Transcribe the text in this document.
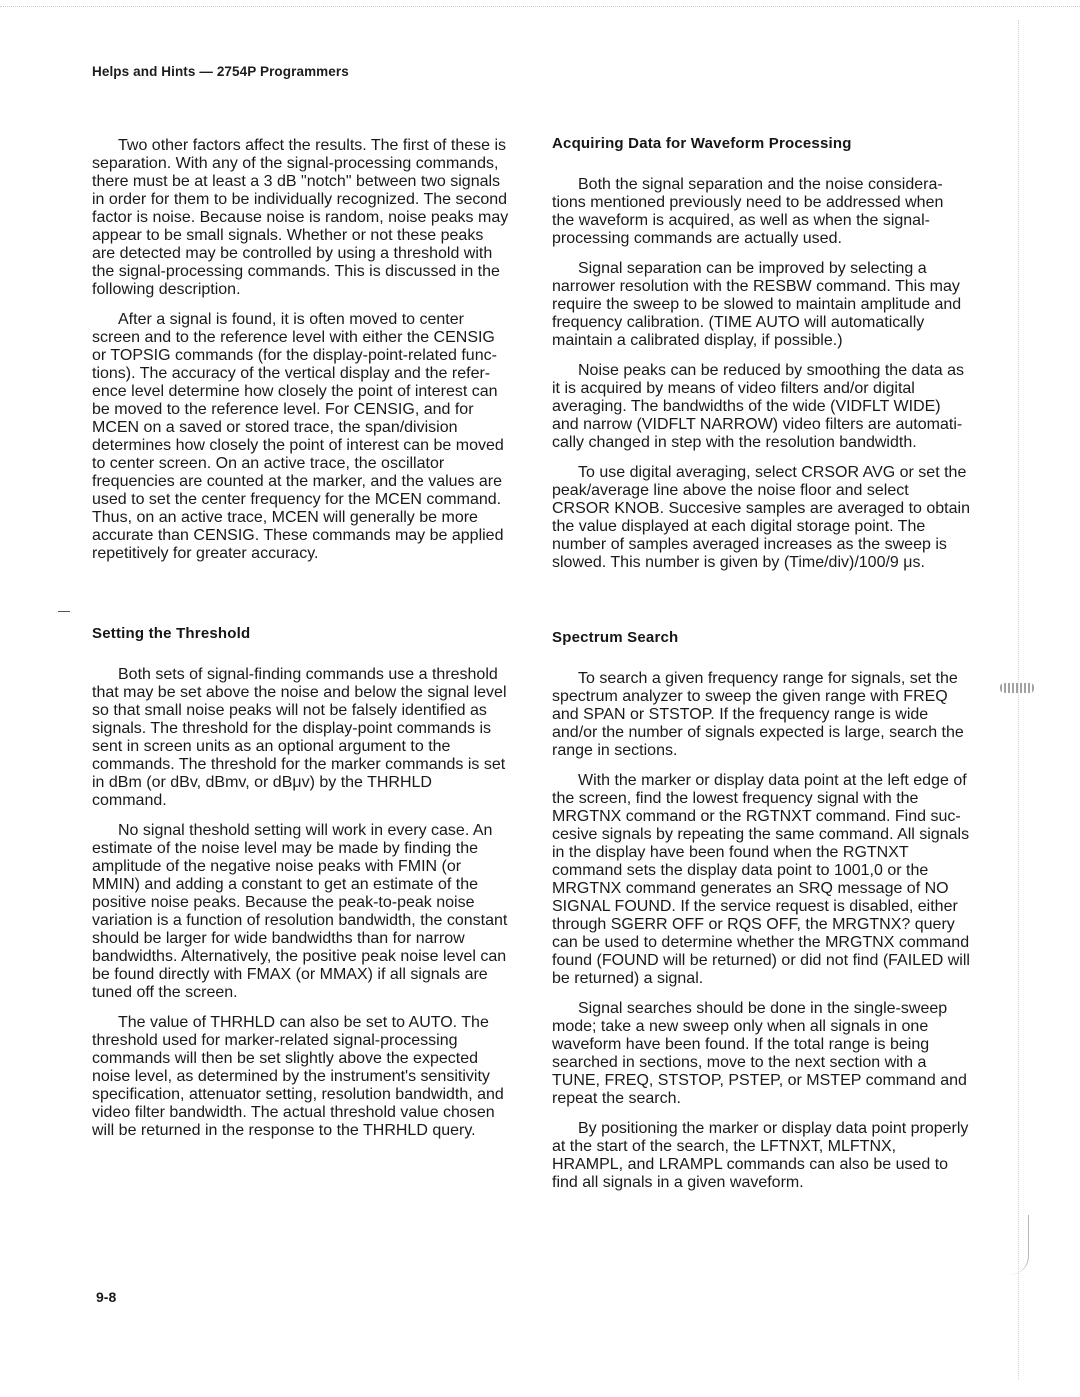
Helps and Hints — 2754P Programmers

Two other factors affect the results. The first of these is separation. With any of the signal-processing commands, there must be at least a 3 dB "notch" between two signals in order for them to be individually recognized. The second factor is noise. Because noise is random, noise peaks may appear to be small signals. Whether or not these peaks are detected may be controlled by using a threshold with the signal-processing commands. This is discussed in the following description.

After a signal is found, it is often moved to center screen and to the reference level with either the CENSIG or TOPSIG commands (for the display-point-related functions). The accuracy of the vertical display and the reference level determine how closely the point of interest can be moved to the reference level. For CENSIG, and for MCEN on a saved or stored trace, the span/division determines how closely the point of interest can be moved to center screen. On an active trace, the oscillator frequencies are counted at the marker, and the values are used to set the center frequency for the MCEN command. Thus, on an active trace, MCEN will generally be more accurate than CENSIG. These commands may be applied repetitively for greater accuracy.

Setting the Threshold

Both sets of signal-finding commands use a threshold that may be set above the noise and below the signal level so that small noise peaks will not be falsely identified as signals. The threshold for the display-point commands is sent in screen units as an optional argument to the commands. The threshold for the marker commands is set in dBm (or dBv, dBmv, or dBμv) by the THRHLD command.

No signal theshold setting will work in every case. An estimate of the noise level may be made by finding the amplitude of the negative noise peaks with FMIN (or MMIN) and adding a constant to get an estimate of the positive noise peaks. Because the peak-to-peak noise variation is a function of resolution bandwidth, the constant should be larger for wide bandwidths than for narrow bandwidths. Alternatively, the positive peak noise level can be found directly with FMAX (or MMAX) if all signals are tuned off the screen.

The value of THRHLD can also be set to AUTO. The threshold used for marker-related signal-processing commands will then be set slightly above the expected noise level, as determined by the instrument's sensitivity specification, attenuator setting, resolution bandwidth, and video filter bandwidth. The actual threshold value chosen will be returned in the response to the THRHLD query.

Acquiring Data for Waveform Processing

Both the signal separation and the noise considerations mentioned previously need to be addressed when the waveform is acquired, as well as when the signal-processing commands are actually used.

Signal separation can be improved by selecting a narrower resolution with the RESBW command. This may require the sweep to be slowed to maintain amplitude and frequency calibration. (TIME AUTO will automatically maintain a calibrated display, if possible.)

Noise peaks can be reduced by smoothing the data as it is acquired by means of video filters and/or digital averaging. The bandwidths of the wide (VIDFLT WIDE) and narrow (VIDFLT NARROW) video filters are automatically changed in step with the resolution bandwidth.

To use digital averaging, select CRSOR AVG or set the peak/average line above the noise floor and select CRSOR KNOB. Succesive samples are averaged to obtain the value displayed at each digital storage point. The number of samples averaged increases as the sweep is slowed. This number is given by (Time/div)/100/9 μs.

Spectrum Search

To search a given frequency range for signals, set the spectrum analyzer to sweep the given range with FREQ and SPAN or STSTOP. If the frequency range is wide and/or the number of signals expected is large, search the range in sections.

With the marker or display data point at the left edge of the screen, find the lowest frequency signal with the MRGTNX command or the RGTNXT command. Find succesive signals by repeating the same command. All signals in the display have been found when the RGTNXT command sets the display data point to 1001,0 or the MRGTNX command generates an SRQ message of NO SIGNAL FOUND. If the service request is disabled, either through SGERR OFF or RQS OFF, the MRGTNX? query can be used to determine whether the MRGTNX command found (FOUND will be returned) or did not find (FAILED will be returned) a signal.

Signal searches should be done in the single-sweep mode; take a new sweep only when all signals in one waveform have been found. If the total range is being searched in sections, move to the next section with a TUNE, FREQ, STSTOP, PSTEP, or MSTEP command and repeat the search.

By positioning the marker or display data point properly at the start of the search, the LFTNXT, MLFTNX, HRAMPL, and LRAMPL commands can also be used to find all signals in a given waveform.

9-8
